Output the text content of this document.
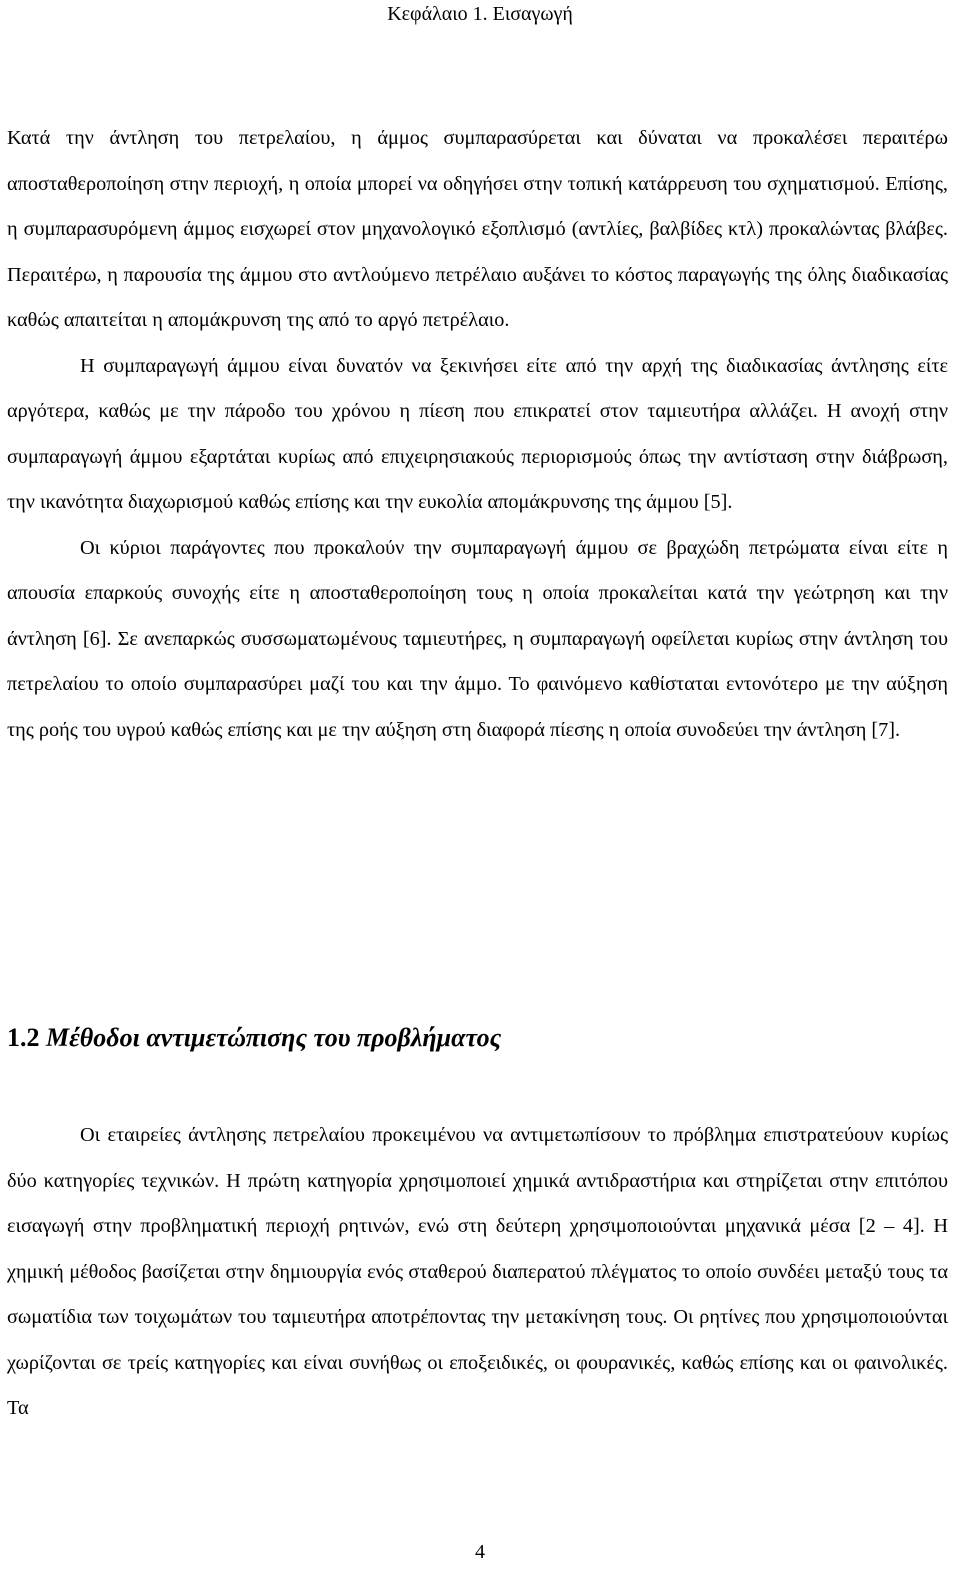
Κεφάλαιο 1. Εισαγωγή

Κατά την άντληση του πετρελαίου, η άμμος συμπαρασύρεται και δύναται να προκαλέσει περαιτέρω αποσταθεροποίηση στην περιοχή, η οποία μπορεί να οδηγήσει στην τοπική κατάρρευση του σχηματισμού. Επίσης, η συμπαρασυρόμενη άμμος εισχωρεί στον μηχανολογικό εξοπλισμό (αντλίες, βαλβίδες κτλ) προκαλώντας βλάβες. Περαιτέρω, η παρουσία της άμμου στο αντλούμενο πετρέλαιο αυξάνει το κόστος παραγωγής της όλης διαδικασίας καθώς απαιτείται η απομάκρυνση της από το αργό πετρέλαιο.

Η συμπαραγωγή άμμου είναι δυνατόν να ξεκινήσει είτε από την αρχή της διαδικασίας άντλησης είτε αργότερα, καθώς με την πάροδο του χρόνου η πίεση που επικρατεί στον ταμιευτήρα αλλάζει. Η ανοχή στην συμπαραγωγή άμμου εξαρτάται κυρίως από επιχειρησιακούς περιορισμούς όπως την αντίσταση στην διάβρωση, την ικανότητα διαχωρισμού καθώς επίσης και την ευκολία απομάκρυνσης της άμμου [5].

Οι κύριοι παράγοντες που προκαλούν την συμπαραγωγή άμμου σε βραχώδη πετρώματα είναι είτε η απουσία επαρκούς συνοχής είτε η αποσταθεροποίηση τους η οποία προκαλείται κατά την γεώτρηση και την άντληση [6]. Σε ανεπαρκώς συσσωματωμένους ταμιευτήρες, η συμπαραγωγή οφείλεται κυρίως στην άντληση του πετρελαίου το οποίο συμπαρασύρει μαζί του και την άμμο. Το φαινόμενο καθίσταται εντονότερο με την αύξηση της ροής του υγρού καθώς επίσης και με την αύξηση στη διαφορά πίεσης η οποία συνοδεύει την άντληση [7].

1.2 Μέθοδοι αντιμετώπισης του προβλήματος

Οι εταιρείες άντλησης πετρελαίου προκειμένου να αντιμετωπίσουν το πρόβλημα επιστρατεύουν κυρίως δύο κατηγορίες τεχνικών. Η πρώτη κατηγορία χρησιμοποιεί χημικά αντιδραστήρια και στηρίζεται στην επιτόπου εισαγωγή στην προβληματική περιοχή ρητινών, ενώ στη δεύτερη χρησιμοποιούνται μηχανικά μέσα [2 – 4]. Η χημική μέθοδος βασίζεται στην δημιουργία ενός σταθερού διαπερατού πλέγματος το οποίο συνδέει μεταξύ τους τα σωματίδια των τοιχωμάτων του ταμιευτήρα αποτρέποντας την μετακίνηση τους. Οι ρητίνες που χρησιμοποιούνται χωρίζονται σε τρείς κατηγορίες και είναι συνήθως οι εποξειδικές, οι φουρανικές, καθώς επίσης και οι φαινολικές. Τα

4
